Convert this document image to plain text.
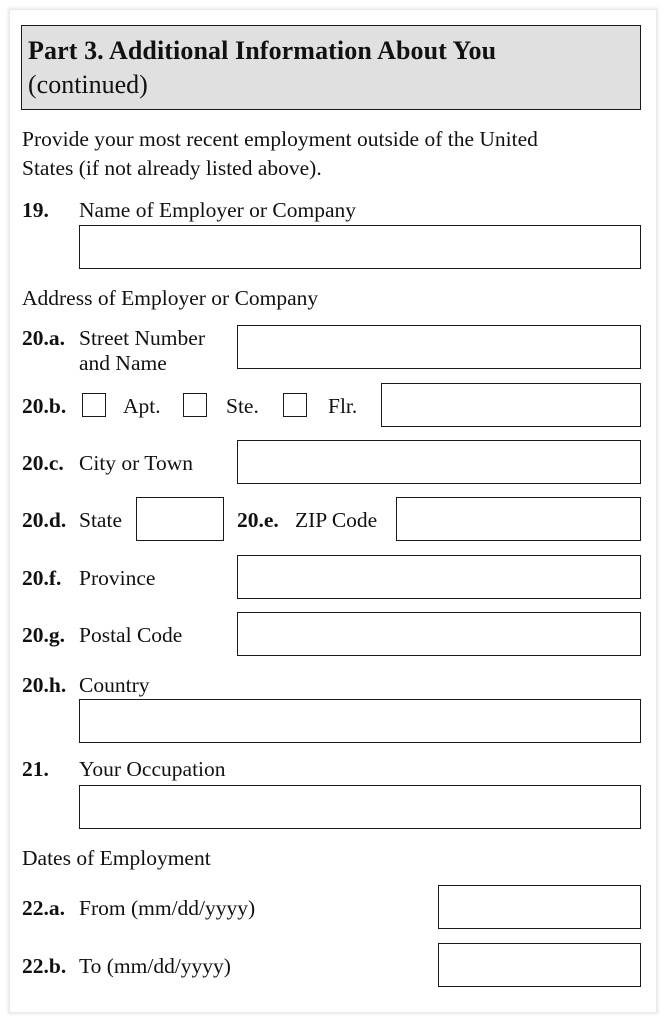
Part 3. Additional Information About You
(continued)
Provide your most recent employment outside of the United
States (if not already listed above).
19. Name of Employer or Company
Address of Employer or Company
20.a. Street Number
and Name
20.b.	Apt.	Ste.	Flr.
20.c. City or Town
20.d. State	20.e. ZIP Code
20.f. Province
20.g. Postal Code
20.h. Country
21. Your Occupation
Dates of Employment
22.a. From (mm/dd/yyyy)
22.b. To (mm/dd/yyyy)
